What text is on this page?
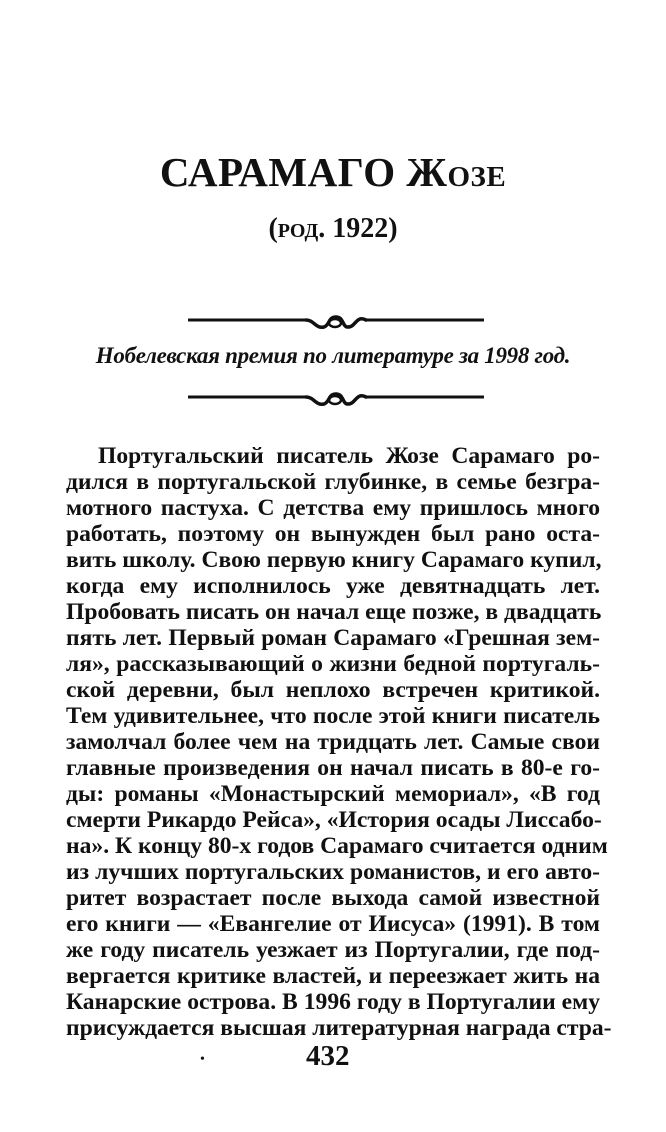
САРАМАГО Жозе

(род. 1922)

Нобелевская премия по литературе за 1998 год.

Португальский писатель Жозе Сарамаго ро-
дился в португальской глубинке, в семье безгра-
мотного пастуха. С детства ему пришлось много
работать, поэтому он вынужден был рано оста-
вить школу. Свою первую книгу Сарамаго купил,
когда ему исполнилось уже девятнадцать лет.
Пробовать писать он начал еще позже, в двадцать
пять лет. Первый роман Сарамаго «Грешная зем-
ля», рассказывающий о жизни бедной португаль-
ской деревни, был неплохо встречен критикой.
Тем удивительнее, что после этой книги писатель
замолчал более чем на тридцать лет. Самые свои
главные произведения он начал писать в 80-е го-
ды: романы «Монастырский мемориал», «В год
смерти Рикардо Рейса», «История осады Лиссабо-
на». К концу 80-х годов Сарамаго считается одним
из лучших португальских романистов, и его авто-
ритет возрастает после выхода самой известной
его книги — «Евангелие от Иисуса» (1991). В том
же году писатель уезжает из Португалии, где под-
вергается критике властей, и переезжает жить на
Канарские острова. В 1996 году в Португалии ему
присуждается высшая литературная награда стра-
•	432
